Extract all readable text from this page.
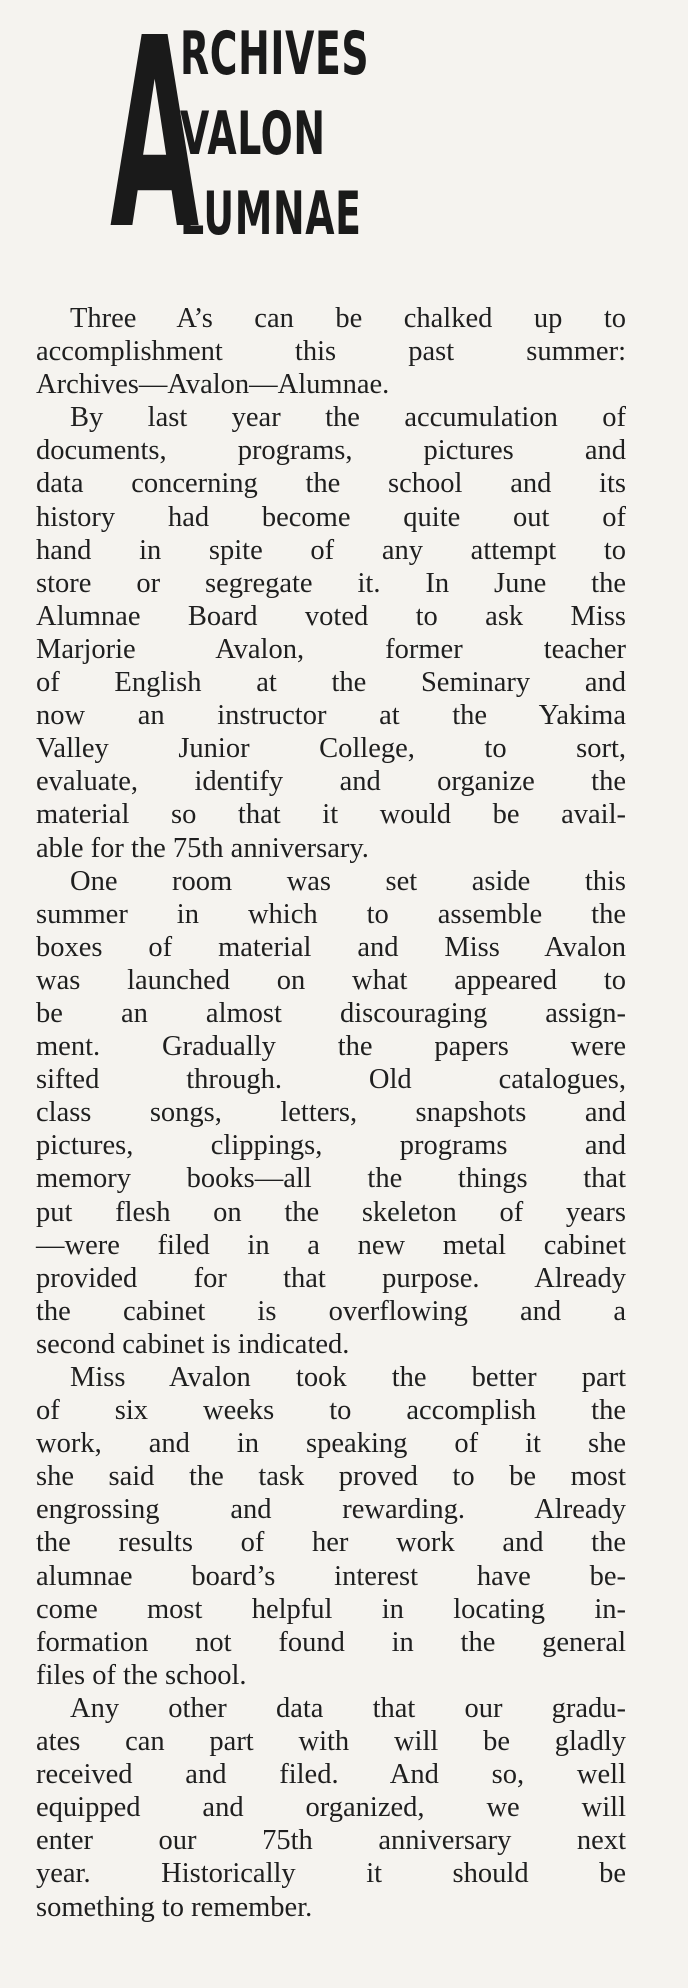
A
RCHIVES
VALON
LUMNAE
Three A’s can be chalked up to
accomplishment this past summer:
Archives—Avalon—Alumnae.
By last year the accumulation of
documents, programs, pictures and
data concerning the school and its
history had become quite out of
hand in spite of any attempt to
store or segregate it. In June the
Alumnae Board voted to ask Miss
Marjorie Avalon, former teacher
of English at the Seminary and
now an instructor at the Yakima
Valley Junior College, to sort,
evaluate, identify and organize the
material so that it would be avail-
able for the 75th anniversary.
One room was set aside this
summer in which to assemble the
boxes of material and Miss Avalon
was launched on what appeared to
be an almost discouraging assign-
ment. Gradually the papers were
sifted through. Old catalogues,
class songs, letters, snapshots and
pictures, clippings, programs and
memory books—all the things that
put flesh on the skeleton of years
—were filed in a new metal cabinet
provided for that purpose. Already
the cabinet is overflowing and a
second cabinet is indicated.
Miss Avalon took the better part
of six weeks to accomplish the
work, and in speaking of it she
she said the task proved to be most
engrossing and rewarding. Already
the results of her work and the
alumnae board’s interest have be-
come most helpful in locating in-
formation not found in the general
files of the school.
Any other data that our gradu-
ates can part with will be gladly
received and filed. And so, well
equipped and organized, we will
enter our 75th anniversary next
year. Historically it should be
something to remember.
